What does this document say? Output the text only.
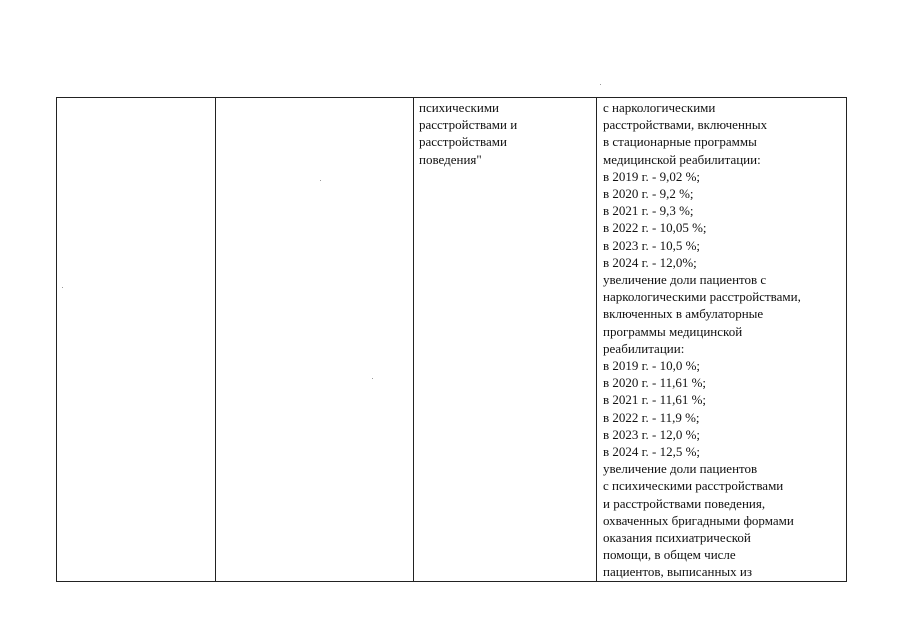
психическими
расстройствами и
расстройствами
поведения"
с наркологическими
расстройствами, включенных
в стационарные программы
медицинской реабилитации:
в 2019 г. - 9,02 %;
в 2020 г. - 9,2 %;
в 2021 г. - 9,3 %;
в 2022 г. - 10,05 %;
в 2023 г. - 10,5 %;
в 2024 г. - 12,0%;
увеличение доли пациентов с
наркологическими расстройствами,
включенных в амбулаторные
программы медицинской
реабилитации:
в 2019 г. - 10,0 %;
в 2020 г. - 11,61 %;
в 2021 г. - 11,61 %;
в 2022 г. - 11,9 %;
в 2023 г. - 12,0 %;
в 2024 г. - 12,5 %;
увеличение доли пациентов
с психическими расстройствами
и расстройствами поведения,
охваченных бригадными формами
оказания психиатрической
помощи, в общем числе
пациентов, выписанных из
